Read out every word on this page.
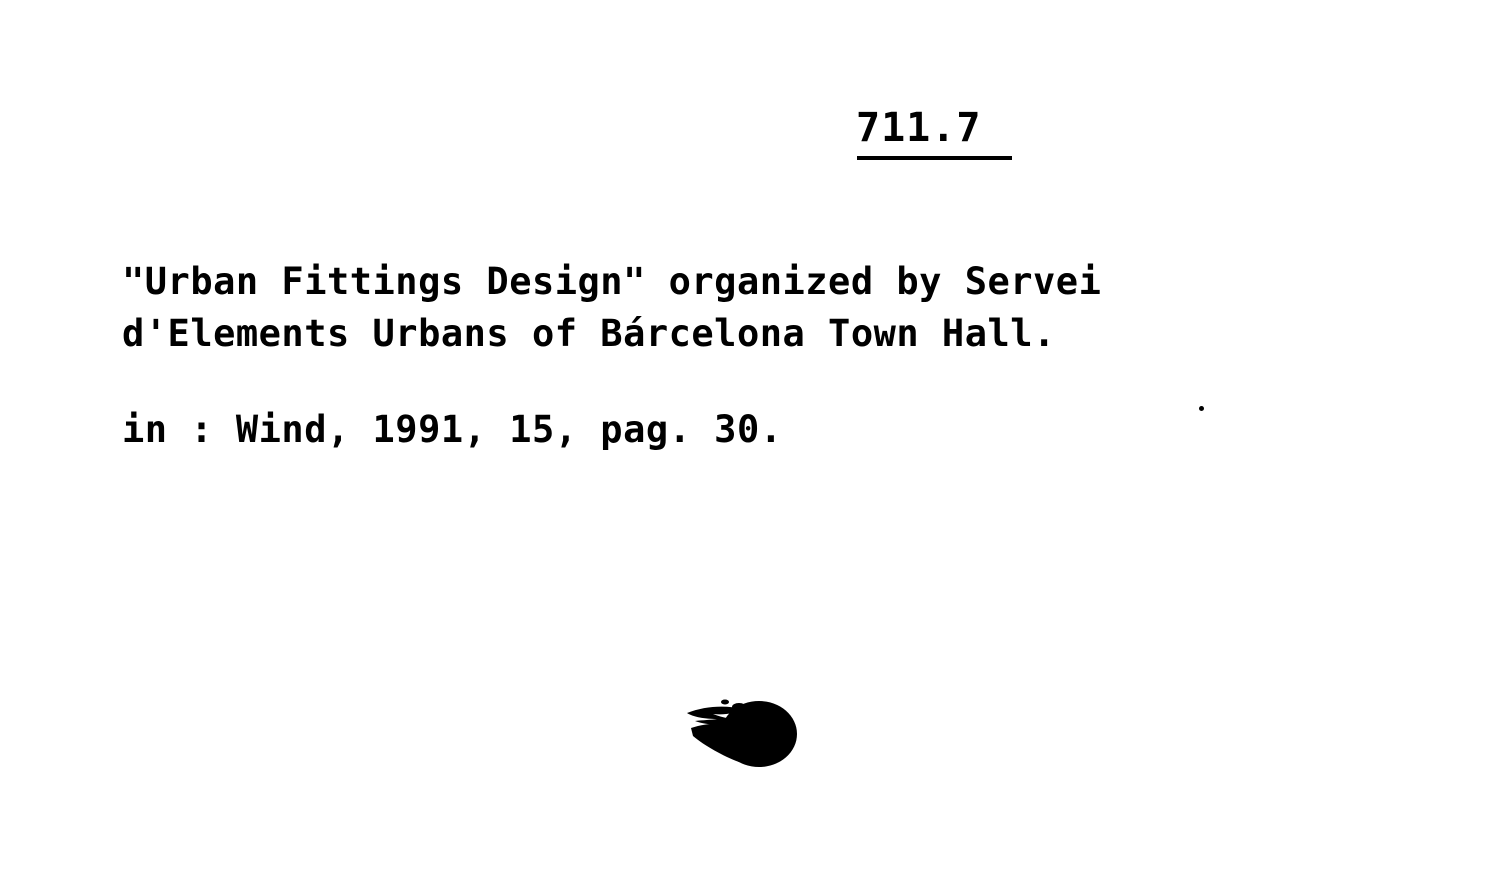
711.7
"Urban Fittings Design" organized by Servei
d'Elements Urbans of Bárcelona Town Hall.
in : Wind, 1991, 15, pag. 30.
